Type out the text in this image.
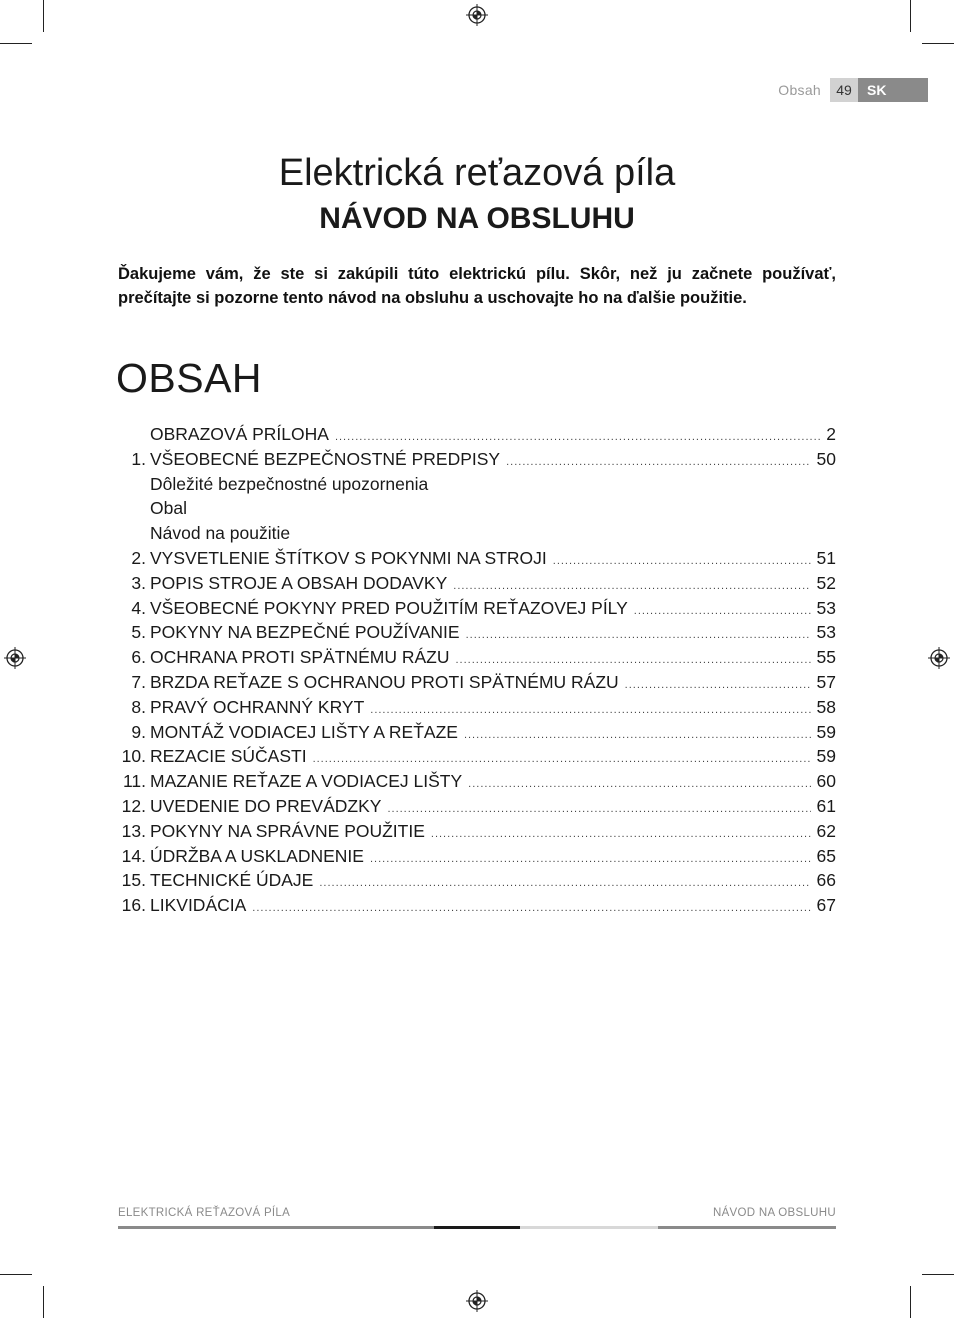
Obsah	49	SK
Elektrická reťazová píla
NÁVOD NA OBSLUHU
Ďakujeme vám, že ste si zakúpili túto elektrickú pílu. Skôr, než ju začnete používať, prečítajte si pozorne tento návod na obsluhu a uschovajte ho na ďalšie použitie.
OBSAH
OBRAZOVÁ PRÍLOHA .....	2
1. VŠEOBECNÉ BEZPEČNOSTNÉ PREDPISY .....	50
Dôležité bezpečnostné upozornenia
Obal
Návod na použitie
2. VYSVETLENIE ŠTÍTKOV S POKYNMI NA STROJI .....	51
3. POPIS STROJE A OBSAH DODAVKY .....	52
4. VŠEOBECNÉ POKYNY PRED POUŽITÍM REŤAZOVEJ PÍLY .....	53
5. POKYNY NA BEZPEČNÉ POUŽÍVANIE .....	53
6. OCHRANA PROTI SPÄTNÉMU RÁZU .....	55
7. BRZDA REŤAZE S OCHRANOU PROTI SPÄTNÉMU RÁZU .....	57
8. PRAVÝ OCHRANNÝ KRYT .....	58
9. MONTÁŽ VODIACEJ LIŠTY A REŤAZE .....	59
10. REZACIE SÚČASTI .....	59
11. MAZANIE REŤAZE A VODIACEJ LIŠTY .....	60
12. UVEDENIE DO PREVÁDZKY .....	61
13. POKYNY NA SPRÁVNE POUŽITIE .....	62
14. ÚDRŽBA A USKLADNENIE .....	65
15. TECHNICKÉ ÚDAJE .....	66
16. LIKVIDÁCIA .....	67
ELEKTRICKÁ REŤAZOVÁ PÍLA	NÁVOD NA OBSLUHU
